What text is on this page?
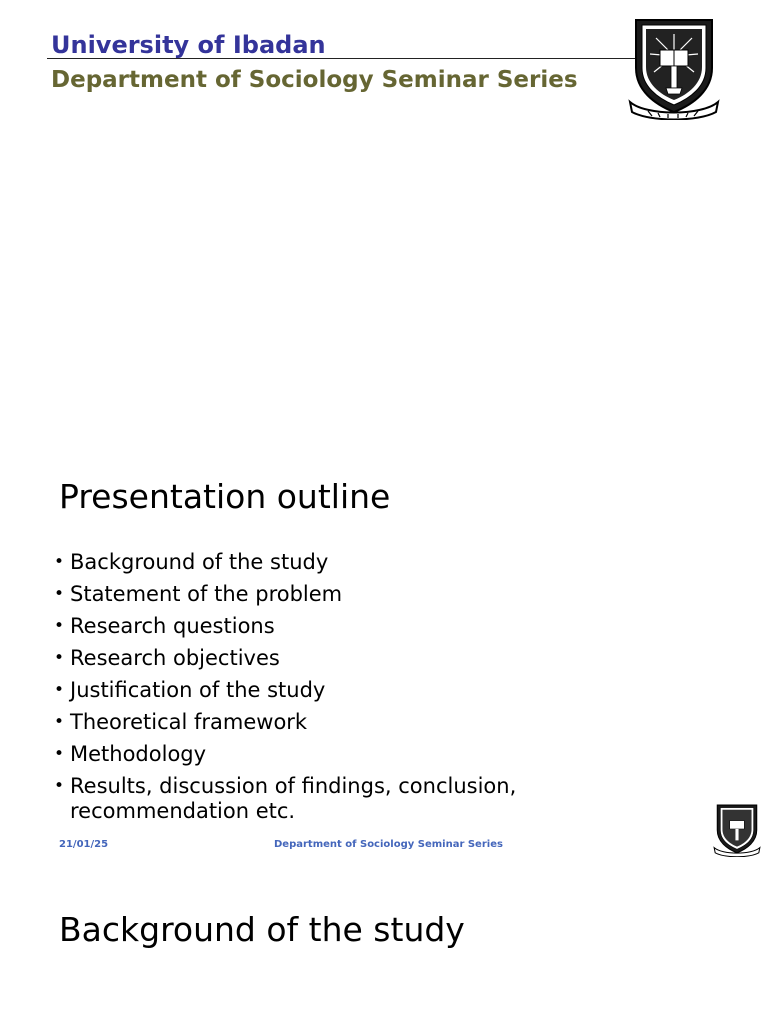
University of Ibadan
Department of Sociology Seminar Series
Presentation outline
• Background of the study
• Statement of the problem
• Research questions
• Research objectives
• Justification of the study
• Theoretical framework
• Methodology
• Results, discussion of findings, conclusion, recommendation etc.
21/01/25	Department of Sociology Seminar Series
Background of the study
